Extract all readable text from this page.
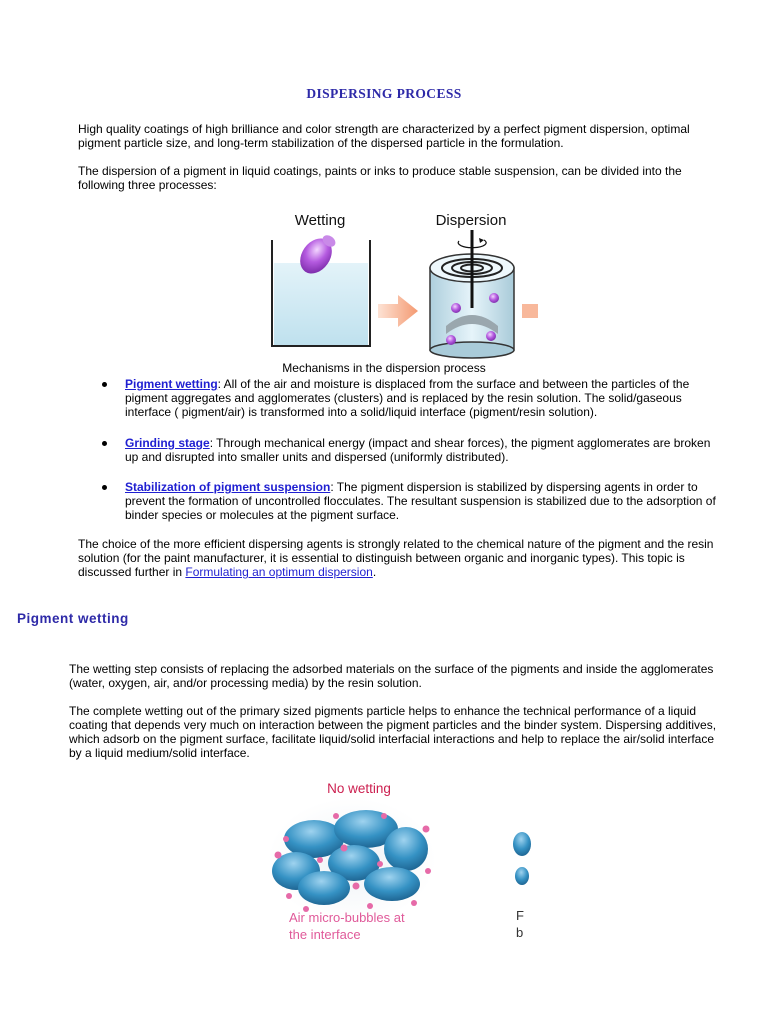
DISPERSING PROCESS

High quality coatings of high brilliance and color strength are characterized by a perfect pigment dispersion, optimal pigment particle size, and long-term stabilization of the dispersed particle in the formulation.

The dispersion of a pigment in liquid coatings, paints or inks to produce stable suspension, can be divided into the following three processes:

Wetting	Dispersion
Mechanisms in the dispersion process
Pigment wetting: All of the air and moisture is displaced from the surface and between the particles of the pigment aggregates and agglomerates (clusters) and is replaced by the resin solution. The solid/gaseous interface ( pigment/air) is transformed into a solid/liquid interface (pigment/resin solution).
Grinding stage: Through mechanical energy (impact and shear forces), the pigment agglomerates are broken up and disrupted into smaller units and dispersed (uniformly distributed).
Stabilization of pigment suspension: The pigment dispersion is stabilized by dispersing agents in order to prevent the formation of uncontrolled flocculates. The resultant suspension is stabilized due to the adsorption of binder species or molecules at the pigment surface.

The choice of the more efficient dispersing agents is strongly related to the chemical nature of the pigment and the resin solution (for the paint manufacturer, it is essential to distinguish between organic and inorganic types). This topic is discussed further in Formulating an optimum dispersion.

Pigment wetting

The wetting step consists of replacing the adsorbed materials on the surface of the pigments and inside the agglomerates (water, oxygen, air, and/or processing media) by the resin solution.

The complete wetting out of the primary sized pigments particle helps to enhance the technical performance of a liquid coating that depends very much on interaction between the pigment particles and the binder system. Dispersing additives, which adsorb on the pigment surface, facilitate liquid/solid interfacial interactions and help to replace the air/solid interface by a liquid medium/solid interface.

No wetting
Air micro-bubbles at
the interface
F
b
